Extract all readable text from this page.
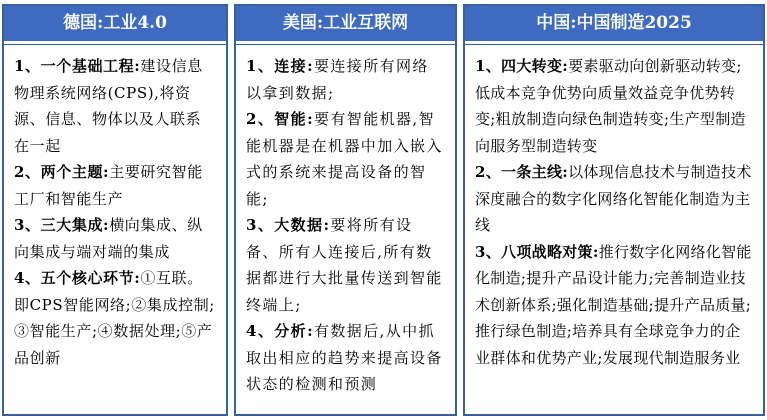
德国:工业4.0

1、一个基础工程:建设信息物理系统网络(CPS),将资源、信息、物体以及人联系在一起

2、两个主题:主要研究智能工厂和智能生产

3、三大集成:横向集成、纵向集成与端对端的集成

4、五个核心环节:①互联。即CPS智能网络;②集成控制;③智能生产;④数据处理;⑤产品创新

美国:工业互联网

1、连接:要连接所有网络以拿到数据;

2、智能:要有智能机器,智能机器是在机器中加入嵌入式的系统来提高设备的智能;

3、大数据:要将所有设备、所有人连接后,所有数据都进行大批量传送到智能终端上;

4、分析:有数据后,从中抓取出相应的趋势来提高设备状态的检测和预测

中国:中国制造2025

1、四大转变:要素驱动向创新驱动转变;低成本竞争优势向质量效益竞争优势转变;粗放制造向绿色制造转变;生产型制造向服务型制造转变

2、一条主线:以体现信息技术与制造技术深度融合的数字化网络化智能化制造为主线

3、八项战略对策:推行数字化网络化智能化制造;提升产品设计能力;完善制造业技术创新体系;强化制造基础;提升产品质量;推行绿色制造;培养具有全球竞争力的企业群体和优势产业;发展现代制造服务业
